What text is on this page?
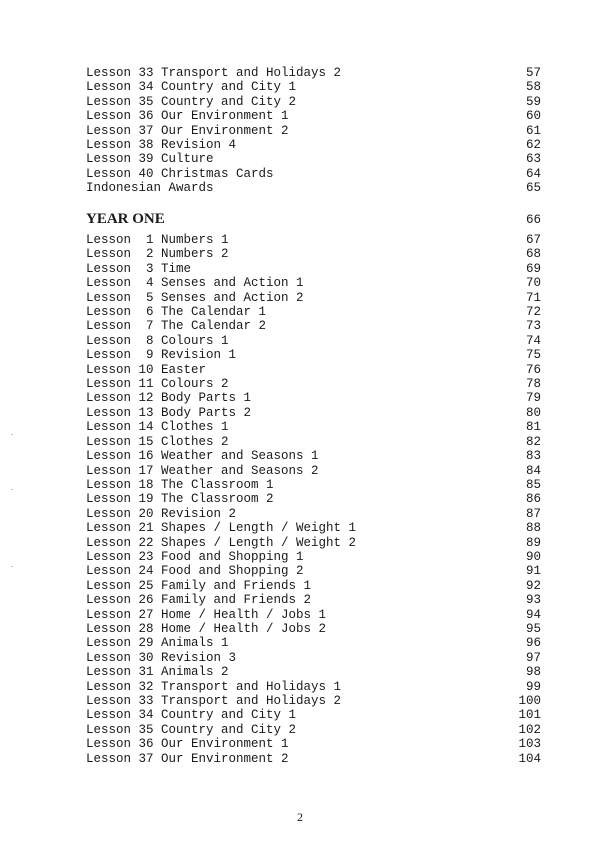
Lesson 33 Transport and Holidays 2	57
Lesson 34 Country and City 1	58
Lesson 35 Country and City 2	59
Lesson 36 Our Environment 1	60
Lesson 37 Our Environment 2	61
Lesson 38 Revision 4	62
Lesson 39 Culture	63
Lesson 40 Christmas Cards	64
Indonesian Awards	65
YEAR ONE	66
Lesson  1 Numbers 1	67
Lesson  2 Numbers 2	68
Lesson  3 Time	69
Lesson  4 Senses and Action 1	70
Lesson  5 Senses and Action 2	71
Lesson  6 The Calendar 1	72
Lesson  7 The Calendar 2	73
Lesson  8 Colours 1	74
Lesson  9 Revision 1	75
Lesson 10 Easter	76
Lesson 11 Colours 2	78
Lesson 12 Body Parts 1	79
Lesson 13 Body Parts 2	80
Lesson 14 Clothes 1	81
Lesson 15 Clothes 2	82
Lesson 16 Weather and Seasons 1	83
Lesson 17 Weather and Seasons 2	84
Lesson 18 The Classroom 1	85
Lesson 19 The Classroom 2	86
Lesson 20 Revision 2	87
Lesson 21 Shapes / Length / Weight 1	88
Lesson 22 Shapes / Length / Weight 2	89
Lesson 23 Food and Shopping 1	90
Lesson 24 Food and Shopping 2	91
Lesson 25 Family and Friends 1	92
Lesson 26 Family and Friends 2	93
Lesson 27 Home / Health / Jobs 1	94
Lesson 28 Home / Health / Jobs 2	95
Lesson 29 Animals 1	96
Lesson 30 Revision 3	97
Lesson 31 Animals 2	98
Lesson 32 Transport and Holidays 1	99
Lesson 33 Transport and Holidays 2	100
Lesson 34 Country and City 1	101
Lesson 35 Country and City 2	102
Lesson 36 Our Environment 1	103
Lesson 37 Our Environment 2	104
2
